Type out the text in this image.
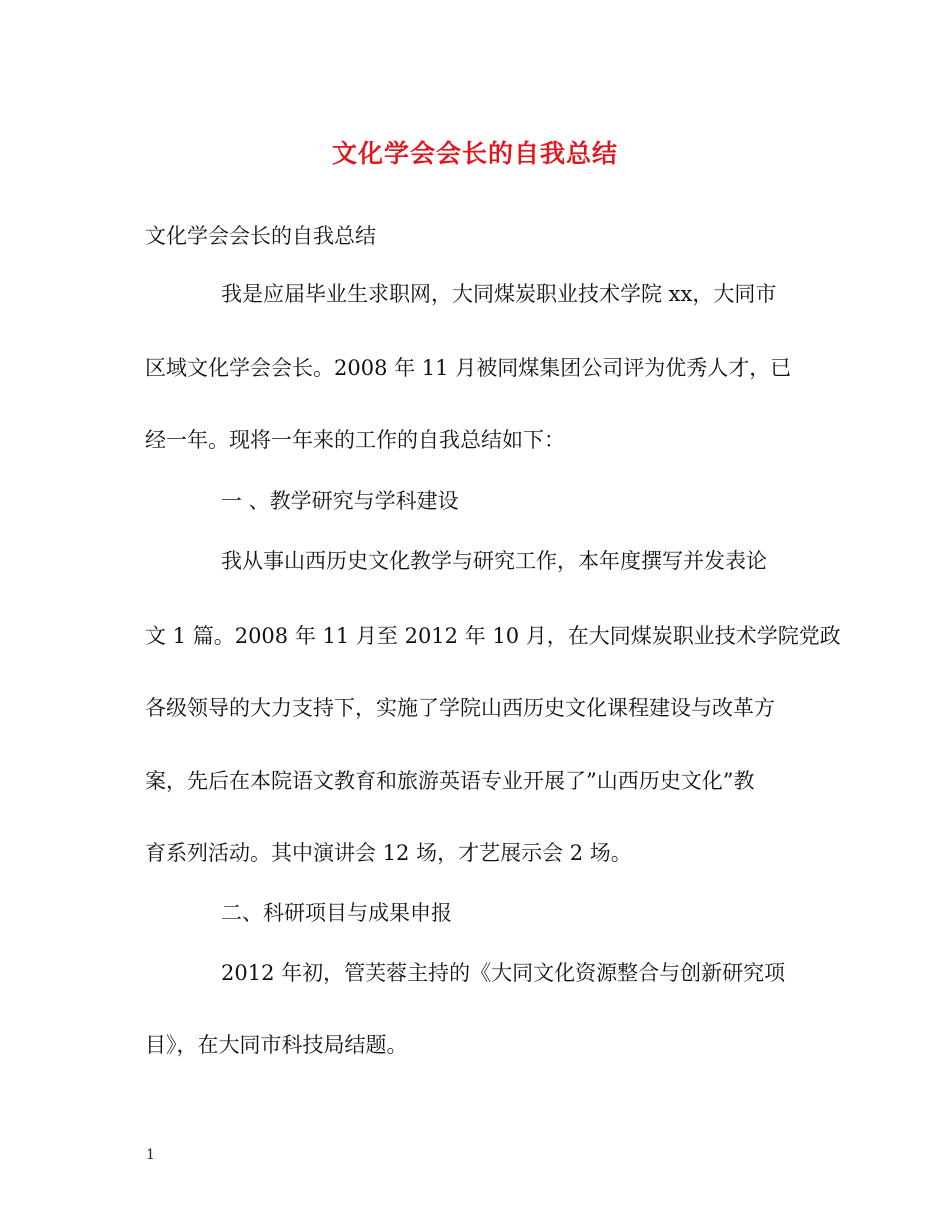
文化学会会长的自我总结
文化学会会长的自我总结
我是应届毕业生求职网，大同煤炭职业技术学院 xx，大同市
区域文化学会会长。2008 年 11 月被同煤集团公司评为优秀人才，已
经一年。现将一年来的工作的自我总结如下：
一 、教学研究与学科建设
我从事山西历史文化教学与研究工作，本年度撰写并发表论
文 1 篇。2008 年 11 月至 2012 年 10 月，在大同煤炭职业技术学院党政
各级领导的大力支持下，实施了学院山西历史文化课程建设与改革方
案，先后在本院语文教育和旅游英语专业开展了”山西历史文化”教
育系列活动。其中演讲会 12 场，才艺展示会 2 场。
二、科研项目与成果申报
2012 年初，管芙蓉主持的《大同文化资源整合与创新研究项
目》，在大同市科技局结题。
1
